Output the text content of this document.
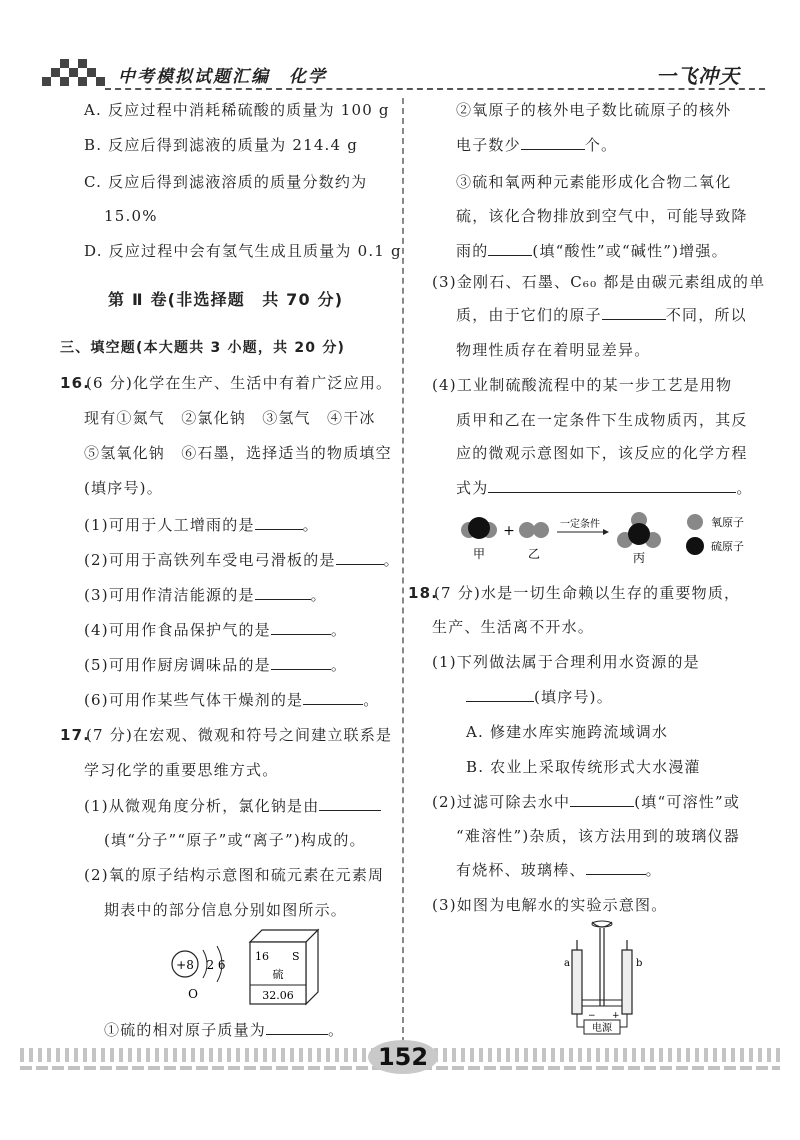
中考模拟试题汇编　化学	一飞冲天
A. 反应过程中消耗稀硫酸的质量为 100 g
B. 反应后得到滤液的质量为 214.4 g
C. 反应后得到滤液溶质的质量分数约为
15.0%
D. 反应过程中会有氢气生成且质量为 0.1 g
第 Ⅱ 卷(非选择题　共 70 分)
三、填空题(本大题共 3 小题，共 20 分)
16.
(6 分)化学在生产、生活中有着广泛应用。
现有①氮气　②氯化钠　③氢气　④干冰
⑤氢氧化钠　⑥石墨，选择适当的物质填空
(填序号)。
(1)可用于人工增雨的是	。
(2)可用于高铁列车受电弓滑板的是	。
(3)可用作清洁能源的是	。
(4)可用作食品保护气的是	。
(5)可用作厨房调味品的是	。
(6)可用作某些气体干燥剂的是	。
17.
(7 分)在宏观、微观和符号之间建立联系是
学习化学的重要思维方式。
(1)从微观角度分析，氯化钠是由
(填“分子”“原子”或“离子”)构成的。
(2)氧的原子结构示意图和硫元素在元素周
期表中的部分信息分别如图所示。
+8 2 6
O
16 S
硫
32.06
①硫的相对原子质量为	。
②氧原子的核外电子数比硫原子的核外
电子数少	个。
③硫和氧两种元素能形成化合物二氧化
硫，该化合物排放到空气中，可能导致降
雨的	(填“酸性”或“碱性”)增强。
(3)金刚石、石墨、C₆₀ 都是由碳元素组成的单
质，由于它们的原子	不同，所以
物理性质存在着明显差异。
(4)工业制硫酸流程中的某一步工艺是用物
质甲和乙在一定条件下生成物质丙，其反
应的微观示意图如下，该反应的化学方程
式为	。
甲
+
乙
一定条件
丙
氧原子
硫原子
18.
(7 分)水是一切生命赖以生存的重要物质，
生产、生活离不开水。
(1)下列做法属于合理利用水资源的是
(填序号)。
A. 修建水库实施跨流域调水
B. 农业上采取传统形式大水漫灌
(2)过滤可除去水中	(填“可溶性”或
“难溶性”)杂质，该方法用到的玻璃仪器
有烧杯、玻璃棒、	。
(3)如图为电解水的实验示意图。
a	b
电源
− +
152
